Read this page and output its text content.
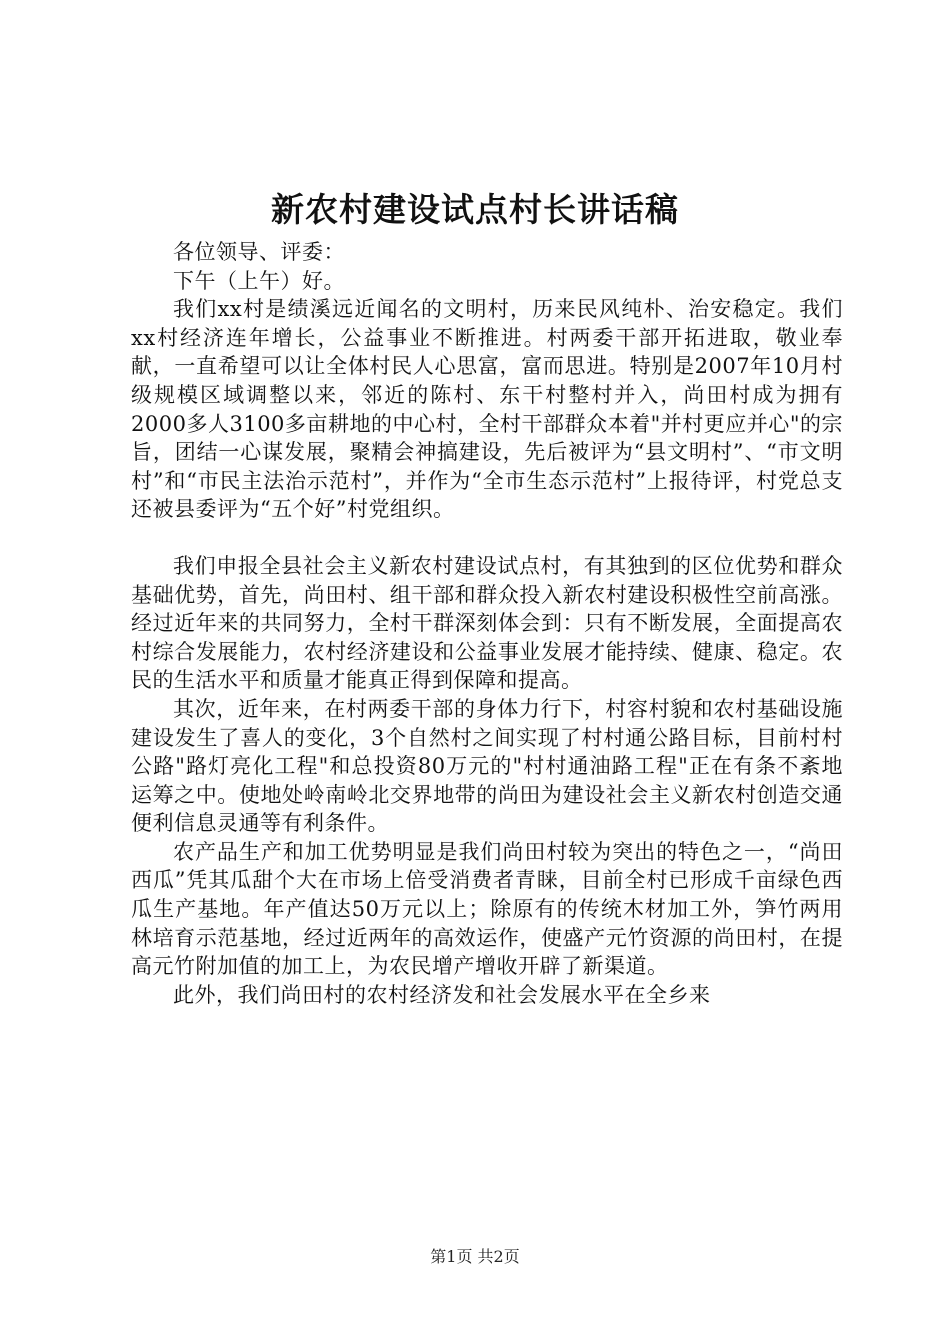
新农村建设试点村长讲话稿

各位领导、评委：

下午（上午）好。

我们xx村是绩溪远近闻名的文明村，历来民风纯朴、治安稳定。我们xx村经济连年增长，公益事业不断推进。村两委干部开拓进取，敬业奉献，一直希望可以让全体村民人心思富，富而思进。特别是2007年10月村级规模区域调整以来，邻近的陈村、东干村整村并入，尚田村成为拥有2000多人3100多亩耕地的中心村，全村干部群众本着"并村更应并心"的宗旨，团结一心谋发展，聚精会神搞建设，先后被评为“县文明村”、“市文明村”和“市民主法治示范村”，并作为“全市生态示范村”上报待评，村党总支还被县委评为“五个好”村党组织。

我们申报全县社会主义新农村建设试点村，有其独到的区位优势和群众基础优势，首先，尚田村、组干部和群众投入新农村建设积极性空前高涨。经过近年来的共同努力，全村干群深刻体会到：只有不断发展，全面提高农村综合发展能力，农村经济建设和公益事业发展才能持续、健康、稳定。农民的生活水平和质量才能真正得到保障和提高。

其次，近年来，在村两委干部的身体力行下，村容村貌和农村基础设施建设发生了喜人的变化，3个自然村之间实现了村村通公路目标，目前村村公路"路灯亮化工程"和总投资80万元的"村村通油路工程"正在有条不紊地运筹之中。使地处岭南岭北交界地带的尚田为建设社会主义新农村创造交通便利信息灵通等有利条件。

农产品生产和加工优势明显是我们尚田村较为突出的特色之一，“尚田西瓜”凭其瓜甜个大在市场上倍受消费者青睐，目前全村已形成千亩绿色西瓜生产基地。年产值达50万元以上；除原有的传统木材加工外，笋竹两用林培育示范基地，经过近两年的高效运作，使盛产元竹资源的尚田村，在提高元竹附加值的加工上，为农民增产增收开辟了新渠道。

此外，我们尚田村的农村经济发和社会发展水平在全乡来

第1页 共2页
